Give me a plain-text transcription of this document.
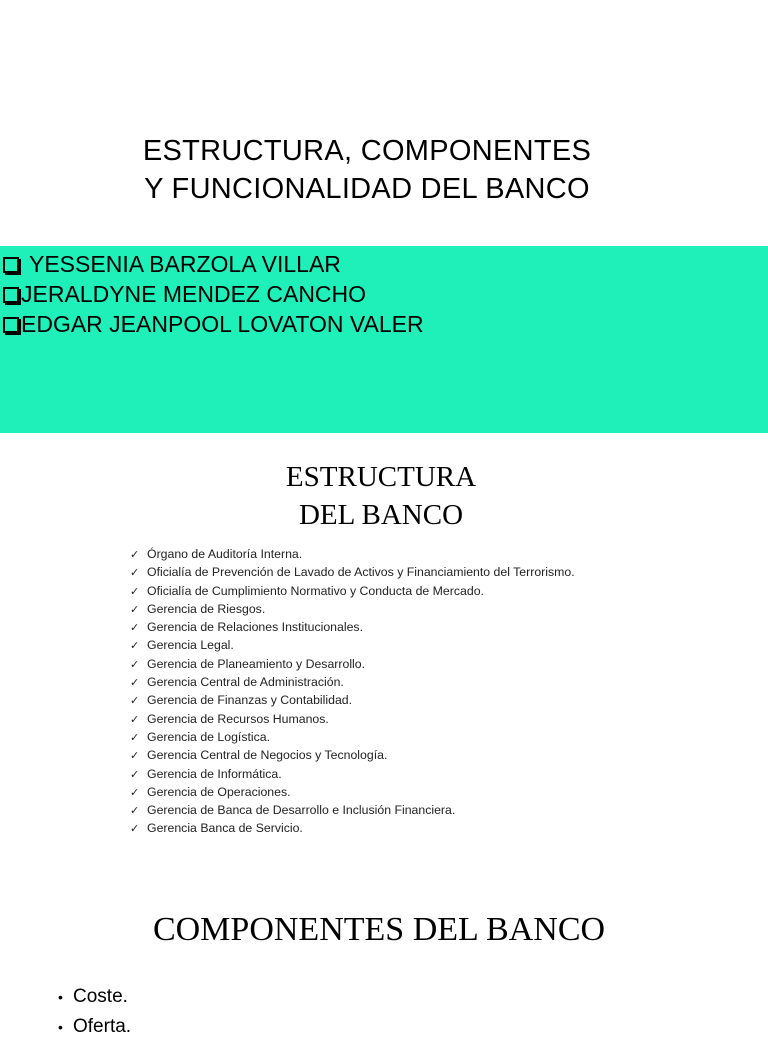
ESTRUCTURA, COMPONENTES
Y FUNCIONALIDAD DEL BANCO
YESSENIA BARZOLA VILLAR
JERALDYNE MENDEZ CANCHO
EDGAR JEANPOOL LOVATON VALER
ESTRUCTURA
DEL BANCO
✓ Órgano de Auditoría Interna.
✓ Oficialía de Prevención de Lavado de Activos y Financiamiento del Terrorismo.
✓ Oficialía de Cumplimiento Normativo y Conducta de Mercado.
✓ Gerencia de Riesgos.
✓ Gerencia de Relaciones Institucionales.
✓ Gerencia Legal.
✓ Gerencia de Planeamiento y Desarrollo.
✓ Gerencia Central de Administración.
✓ Gerencia de Finanzas y Contabilidad.
✓ Gerencia de Recursos Humanos.
✓ Gerencia de Logística.
✓ Gerencia Central de Negocios y Tecnología.
✓ Gerencia de Informática.
✓ Gerencia de Operaciones.
✓ Gerencia de Banca de Desarrollo e Inclusión Financiera.
✓ Gerencia Banca de Servicio.
COMPONENTES DEL BANCO
• Coste.
• Oferta.
